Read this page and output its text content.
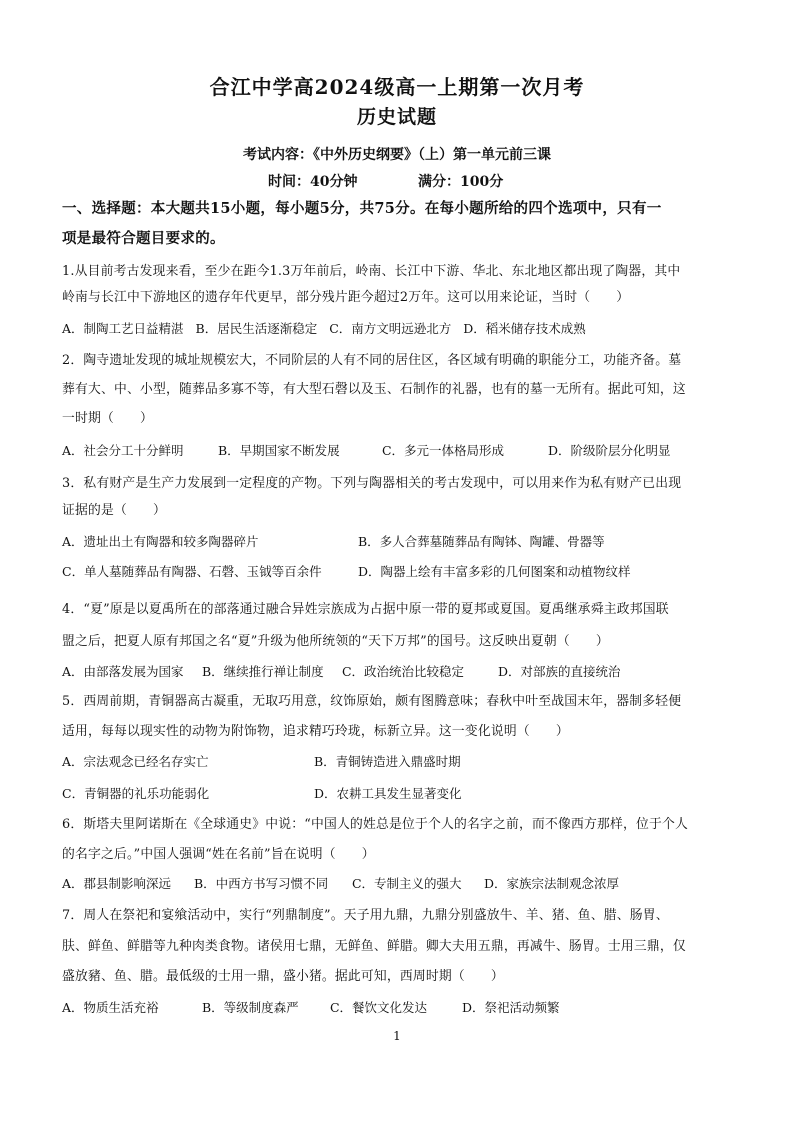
合江中学高2024级高一上期第一次月考
历史试题
考试内容：《中外历史纲要》（上）第一单元前三课
时间：40分钟	满分：100分
一、选择题：本大题共15小题，每小题5分，共75分。在每小题所给的四个选项中，只有一
项是最符合题目要求的。
1.从目前考古发现来看，至少在距今1.3万年前后，岭南、长江中下游、华北、东北地区都出现了陶器，其中
岭南与长江中下游地区的遗存年代更早，部分残片距今超过2万年。这可以用来论证，当时（　　）
A．制陶工艺日益精湛 B．居民生活逐渐稳定 C．南方文明远逊北方 D．稻米储存技术成熟
2．陶寺遗址发现的城址规模宏大，不同阶层的人有不同的居住区，各区域有明确的职能分工，功能齐备。墓
葬有大、中、小型，随葬品多寡不等，有大型石磬以及玉、石制作的礼器，也有的墓一无所有。据此可知，这
一时期（　　）
A．社会分工十分鲜明	B．早期国家不断发展	C．多元一体格局形成	D．阶级阶层分化明显
3．私有财产是生产力发展到一定程度的产物。下列与陶器相关的考古发现中，可以用来作为私有财产已出现
证据的是（　　）
A．遗址出土有陶器和较多陶器碎片	B．多人合葬墓随葬品有陶钵、陶罐、骨器等
C．单人墓随葬品有陶器、石磬、玉钺等百余件	D．陶器上绘有丰富多彩的几何图案和动植物纹样
4．“夏”原是以夏禹所在的部落通过融合异姓宗族成为占据中原一带的夏邦或夏国。夏禹继承舜主政邦国联
盟之后，把夏人原有邦国之名“夏”升级为他所统领的“天下万邦”的国号。这反映出夏朝（　　）
A．由部落发展为国家 B．继续推行禅让制度 C．政治统治比较稳定	D．对部族的直接统治
5．西周前期，青铜器高古凝重，无取巧用意，纹饰原始，颇有图腾意味；春秋中叶至战国末年，器制多轻便
适用，每每以现实性的动物为附饰物，追求精巧玲珑，标新立异。这一变化说明（　　）
A．宗法观念已经名存实亡	B．青铜铸造进入鼎盛时期
C．青铜器的礼乐功能弱化	D．农耕工具发生显著变化
6．斯塔夫里阿诺斯在《全球通史》中说：“中国人的姓总是位于个人的名字之前，而不像西方那样，位于个人
的名字之后。”中国人强调“姓在名前”旨在说明（　　）
A．郡县制影响深远 B．中西方书写习惯不同 C．专制主义的强大 D．家族宗法制观念浓厚
7．周人在祭祀和宴飨活动中，实行“列鼎制度”。天子用九鼎，九鼎分别盛放牛、羊、猪、鱼、腊、肠胃、
肤、鲜鱼、鲜腊等九种肉类食物。诸侯用七鼎，无鲜鱼、鲜腊。卿大夫用五鼎，再减牛、肠胃。士用三鼎，仅
盛放豬、鱼、腊。最低级的士用一鼎，盛小猪。据此可知，西周时期（　　）
A．物质生活充裕	B．等级制度森严	C．餐饮文化发达	D．祭祀活动频繁
1
